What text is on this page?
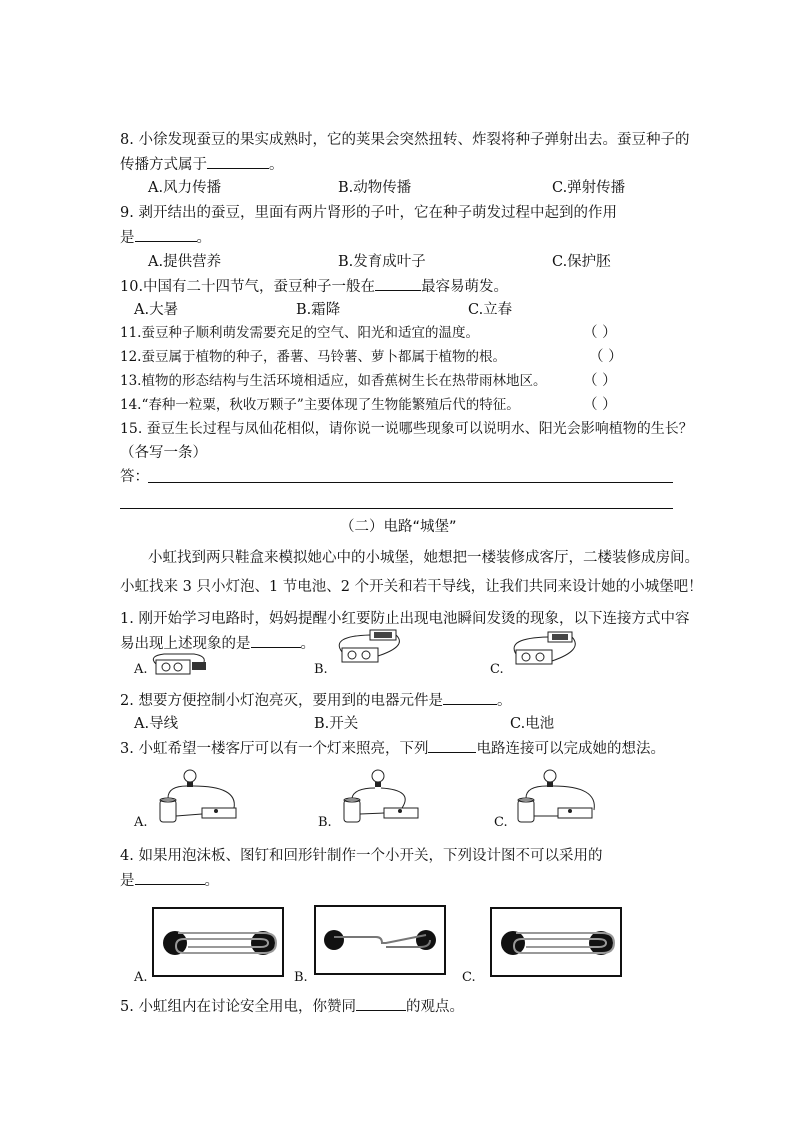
8. 小徐发现蚕豆的果实成熟时，它的荚果会突然扭转、炸裂将种子弹射出去。蚕豆种子的
传播方式属于	。
A.风力传播	B.动物传播	C.弹射传播
9. 剥开结出的蚕豆，里面有两片肾形的子叶，它在种子萌发过程中起到的作用
是	。
A.提供营养	B.发育成叶子	C.保护胚
10.中国有二十四节气，蚕豆种子一般在	最容易萌发。
A.大暑	B.霜降	C.立春
11.蚕豆种子顺利萌发需要充足的空气、阳光和适宜的温度。	（ ）
12.蚕豆属于植物的种子，番薯、马铃薯、萝卜都属于植物的根。	（ ）
13.植物的形态结构与生活环境相适应，如香蕉树生长在热带雨林地区。	（ ）
14.“春种一粒粟，秋收万颗子”主要体现了生物能繁殖后代的特征。	（ ）
15. 蚕豆生长过程与凤仙花相似，请你说一说哪些现象可以说明水、阳光会影响植物的生长？
（各写一条）
答：
（二）电路“城堡”
小虹找到两只鞋盒来模拟她心中的小城堡，她想把一楼装修成客厅，二楼装修成房间。
小虹找来 3 只小灯泡、1 节电池、2 个开关和若干导线，让我们共同来设计她的小城堡吧！
1. 刚开始学习电路时，妈妈提醒小红要防止出现电池瞬间发烫的现象，以下连接方式中容
易出现上述现象的是	。
A.	B.	C.
2. 想要方便控制小灯泡亮灭，要用到的电器元件是	。
A.导线	B.开关	C.电池
3. 小虹希望一楼客厅可以有一个灯来照亮，下列	电路连接可以完成她的想法。
A.	B.	C.
4. 如果用泡沫板、图钉和回形针制作一个小开关，下列设计图不可以采用的
是	。
A.	B.	C.
5. 小虹组内在讨论安全用电，你赞同	的观点。
